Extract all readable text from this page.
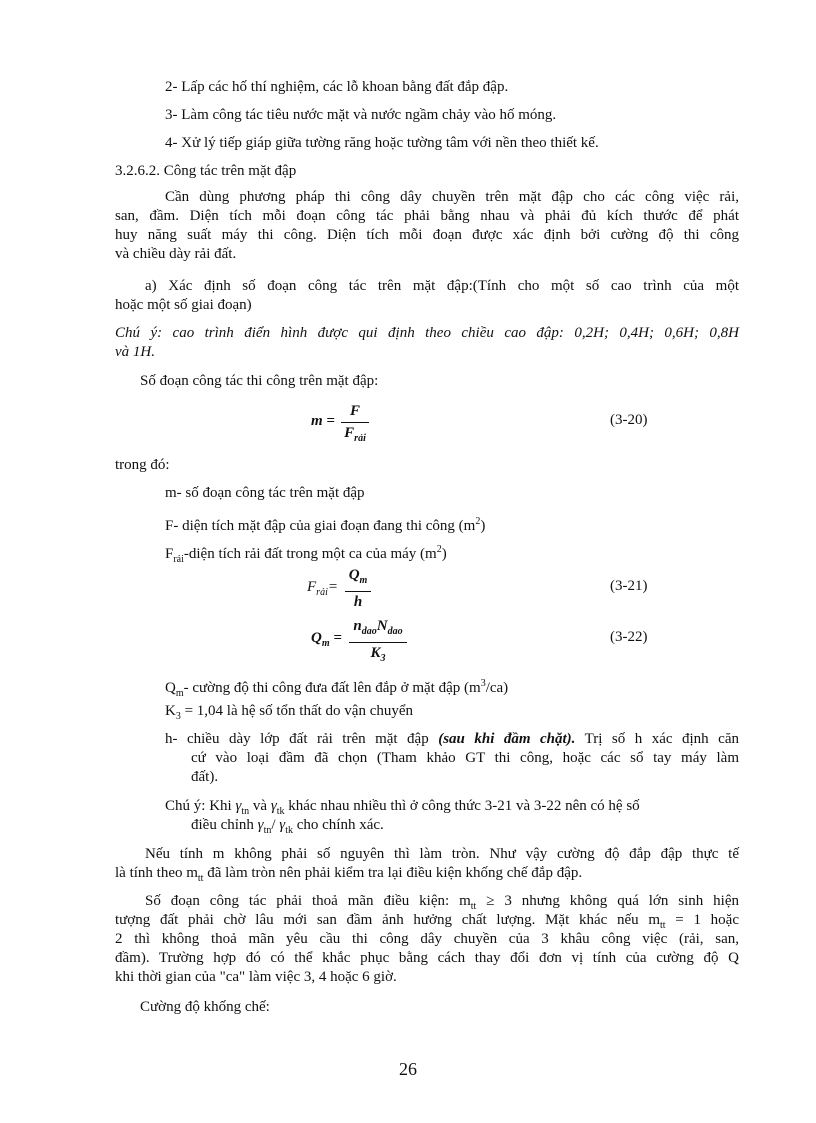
2- Lấp các hố thí nghiệm, các lỗ khoan bằng đất đắp đập.
3- Làm công tác tiêu nước mặt và nước ngầm chảy vào hố móng.
4- Xử lý tiếp giáp giữa tường răng hoặc tường tâm với nền theo thiết kế.
3.2.6.2. Công tác trên mặt đập
Cần dùng phương pháp thi công dây chuyền trên mặt đập cho các công việc rải,
san, đầm. Diện tích mỗi đoạn công tác phải bằng nhau và phải đủ kích thước để phát
huy năng suất máy thi công. Diện tích mỗi đoạn được xác định bởi cường độ thi công
và chiều dày rải đất.
a) Xác định số đoạn công tác trên mặt đập:(Tính cho một số cao trình của một
hoặc một số giai đoạn)
Chú ý: cao trình điển hình được qui định theo chiều cao đập: 0,2H; 0,4H; 0,6H; 0,8H
và 1H.
Số đoạn công tác thi công trên mặt đập:
m =
F
$F_{rải}$
(3-20)
trong đó:
m- số đoạn công tác trên mặt đập
F- diện tích mặt đập của giai đoạn đang thi công $(m^2)$
$F_{rải}$-diện tích rải đất trong một ca của máy $(m^2)$
$F_{rải}=$
$Q_m$
h
(3-21)
$Q_m$ =
$n_{dao}N_{dao}$
$K_3$
(3-22)
$Q_m-$ cường độ thi công đưa đất lên đắp ở mặt đập $(m^3/ca)$
$K_3 = 1,04$ là hệ số tổn thất do vận chuyển
h- chiều dày lớp đất rải trên mặt đập (sau khi đầm chặt). Trị số h xác định căn
cứ vào loại đầm đã chọn (Tham khảo GT thi công, hoặc các sổ tay máy làm
đất).
Chú ý: Khi $\gamma_{tn}$ và $\gamma_{tk}$ khác nhau nhiều thì ở công thức 3-21 và 3-22 nên có hệ số
điều chỉnh $\gamma_{tn}/$ $\gamma_{tk}$ cho chính xác.
Nếu tính m không phải số nguyên thì làm tròn. Như vậy cường độ đắp đập thực tế
là tính theo $m_{tt}$ đã làm tròn nên phải kiểm tra lại điều kiện khống chế đắp đập.
Số đoạn công tác phải thoả mãn điều kiện: $m_{tt} \ge 3$ nhưng không quá lớn sinh hiện
tượng đất phải chờ lâu mới san đầm ảnh hưởng chất lượng. Mặt khác nếu $m_{tt} = 1$ hoặc
2 thì không thoả mãn yêu cầu thi công dây chuyền của 3 khâu công việc (rải, san,
đầm). Trường hợp đó có thể khắc phục bằng cách thay đổi đơn vị tính của cường độ Q
khi thời gian của "ca" làm việc 3, 4 hoặc 6 giờ.
Cường độ khống chế:
26
